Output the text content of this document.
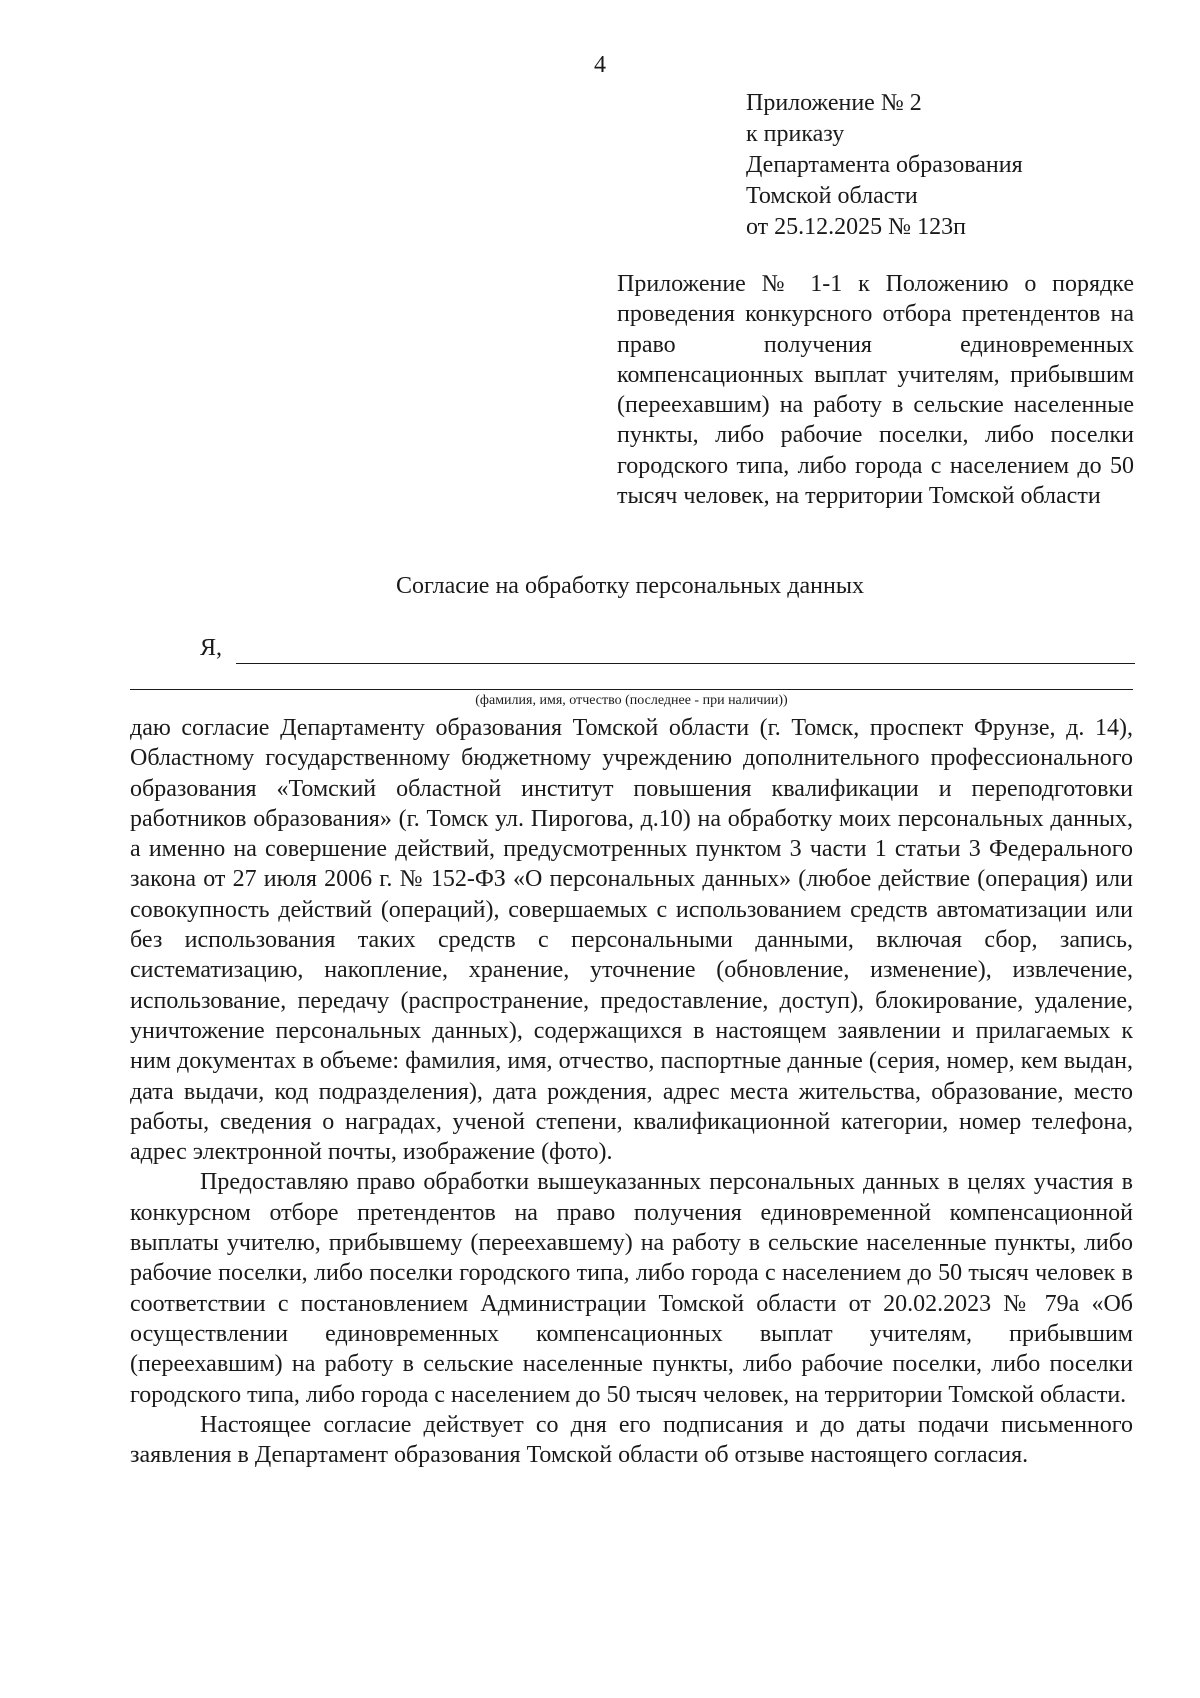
4
Приложение № 2
к приказу
Департамента образования
Томской области
от 25.12.2025 № 123п
Приложение № 1-1 к Положению о порядке проведения конкурсного отбора претендентов на право получения единовременных компенсационных выплат учителям, прибывшим (переехавшим) на работу в сельские населенные пункты, либо рабочие поселки, либо поселки городского типа, либо города с населением до 50 тысяч человек, на территории Томской области
Согласие на обработку персональных данных
Я,
(фамилия, имя, отчество (последнее - при наличии))

даю согласие Департаменту образования Томской области (г. Томск, проспект Фрунзе, д. 14), Областному государственному бюджетному учреждению дополнительного профессионального образования «Томский областной институт повышения квалификации и переподготовки работников образования» (г. Томск ул. Пирогова, д.10) на обработку моих персональных данных, а именно на совершение действий, предусмотренных пунктом 3 части 1 статьи 3 Федерального закона от 27 июля 2006 г. № 152-ФЗ «О персональных данных» (любое действие (операция) или совокупность действий (операций), совершаемых с использованием средств автоматизации или без использования таких средств с персональными данными, включая сбор, запись, систематизацию, накопление, хранение, уточнение (обновление, изменение), извлечение, использование, передачу (распространение, предоставление, доступ), блокирование, удаление, уничтожение персональных данных), содержащихся в настоящем заявлении и прилагаемых к ним документах в объеме: фамилия, имя, отчество, паспортные данные (серия, номер, кем выдан, дата выдачи, код подразделения), дата рождения, адрес места жительства, образование, место работы, сведения о наградах, ученой степени, квалификационной категории, номер телефона, адрес электронной почты, изображение (фото).

Предоставляю право обработки вышеуказанных персональных данных в целях участия в конкурсном отборе претендентов на право получения единовременной компенсационной выплаты учителю, прибывшему (переехавшему) на работу в сельские населенные пункты, либо рабочие поселки, либо поселки городского типа, либо города с населением до 50 тысяч человек в соответствии с постановлением Администрации Томской области от 20.02.2023 № 79а «Об осуществлении единовременных компенсационных выплат учителям, прибывшим (переехавшим) на работу в сельские населенные пункты, либо рабочие поселки, либо поселки городского типа, либо города с населением до 50 тысяч человек, на территории Томской области.

Настоящее согласие действует со дня его подписания и до даты подачи письменного заявления в Департамент образования Томской области об отзыве настоящего согласия.
